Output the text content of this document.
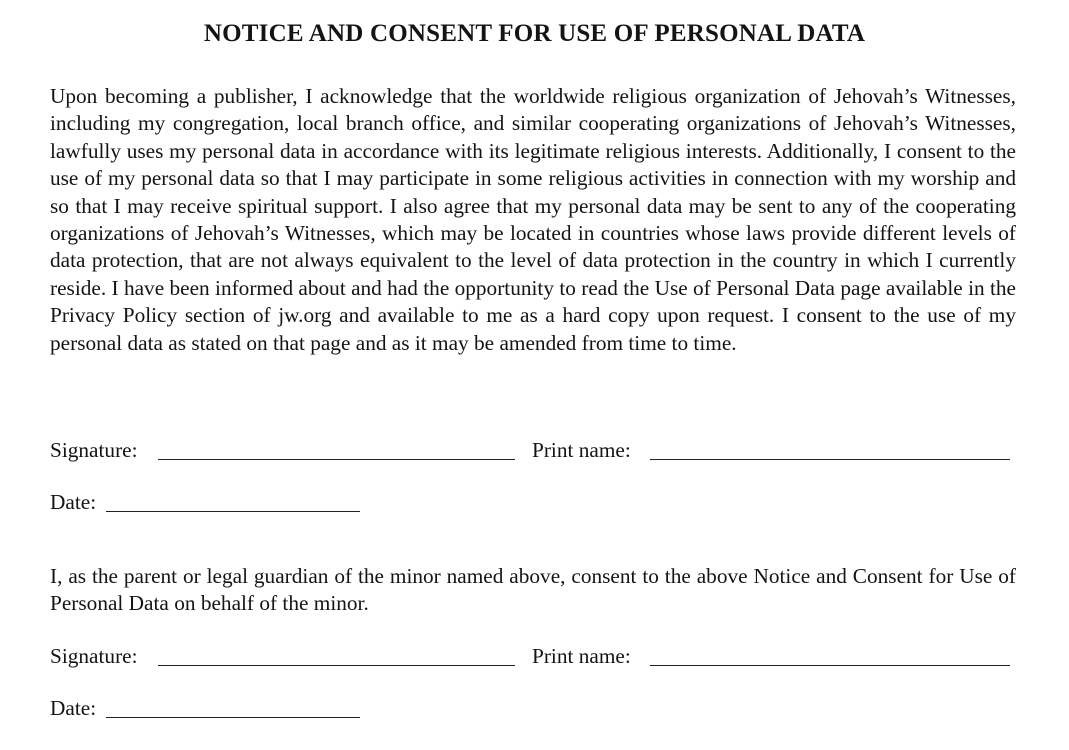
NOTICE AND CONSENT FOR USE OF PERSONAL DATA
Upon becoming a publisher, I acknowledge that the worldwide religious organization of Jehovah’s Witnesses, including my congregation, local branch office, and similar cooperating organizations of Jehovah’s Witnesses, lawfully uses my personal data in accordance with its legitimate religious interests. Additionally, I consent to the use of my personal data so that I may participate in some religious activities in connection with my worship and so that I may receive spiritual support. I also agree that my personal data may be sent to any of the cooperating organizations of Jehovah’s Witnesses, which may be located in countries whose laws provide different levels of data protection, that are not always equivalent to the level of data protection in the country in which I currently reside. I have been informed about and had the opportunity to read the Use of Personal Data page available in the Privacy Policy section of jw.org and available to me as a hard copy upon request. I consent to the use of my personal data as stated on that page and as it may be amended from time to time.
Signature:	Print name:
Date:
I, as the parent or legal guardian of the minor named above, consent to the above Notice and Consent for Use of Personal Data on behalf of the minor.
Signature:	Print name:
Date:
